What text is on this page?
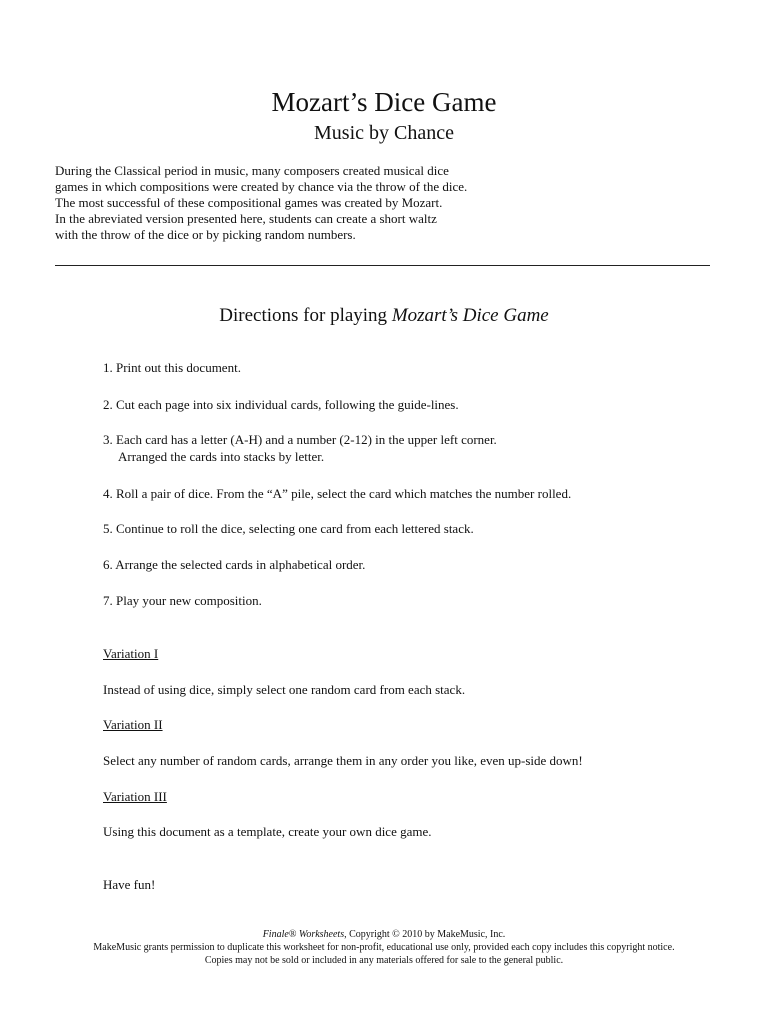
Mozart’s Dice Game
Music by Chance
During the Classical period in music, many composers created musical dice
games in which compositions were created by chance via the throw of the dice.
The most successful of these compositional games was created by Mozart.
In the abreviated version presented here, students can create a short waltz
with the throw of the dice or by picking random numbers.
Directions for playing Mozart’s Dice Game
1. Print out this document.
2. Cut each page into six individual cards, following the guide-lines.
3. Each card has a letter (A-H) and a number (2-12) in the upper left corner.
Arranged the cards into stacks by letter.
4. Roll a pair of dice. From the “A” pile, select the card which matches the number rolled.
5. Continue to roll the dice, selecting one card from each lettered stack.
6. Arrange the selected cards in alphabetical order.
7. Play your new composition.
Variation I
Instead of using dice, simply select one random card from each stack.
Variation II
Select any number of random cards, arrange them in any order you like, even up-side down!
Variation III
Using this document as a template, create your own dice game.
Have fun!
Finale® Worksheets, Copyright © 2010 by MakeMusic, Inc.
MakeMusic grants permission to duplicate this worksheet for non-profit, educational use only, provided each copy includes this copyright notice.
Copies may not be sold or included in any materials offered for sale to the general public.
